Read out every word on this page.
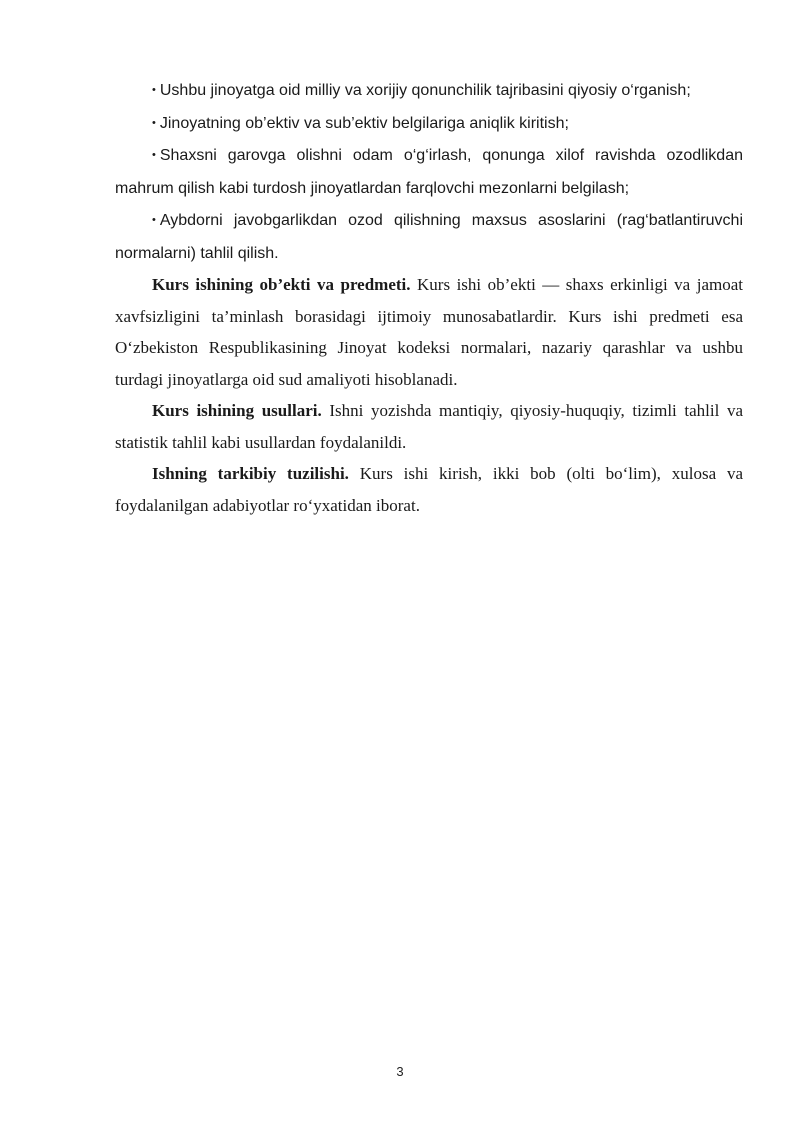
• Ushbu jinoyatga oid milliy va xorijiy qonunchilik tajribasini qiyosiy o‘rganish;

• Jinoyatning ob’ektiv va sub’ektiv belgilariga aniqlik kiritish;

• Shaxsni garovga olishni odam o‘g‘irlash, qonunga xilof ravishda ozodlikdan mahrum qilish kabi turdosh jinoyatlardan farqlovchi mezonlarni belgilash;

• Aybdorni javobgarlikdan ozod qilishning maxsus asoslarini (rag‘batlantiruvchi normalarni) tahlil qilish.

Kurs ishining ob’ekti va predmeti. Kurs ishi ob’ekti — shaxs erkinligi va jamoat xavfsizligini ta’minlash borasidagi ijtimoiy munosabatlardir. Kurs ishi predmeti esa O‘zbekiston Respublikasining Jinoyat kodeksi normalari, nazariy qarashlar va ushbu turdagi jinoyatlarga oid sud amaliyoti hisoblanadi.

Kurs ishining usullari. Ishni yozishda mantiqiy, qiyosiy-huquqiy, tizimli tahlil va statistik tahlil kabi usullardan foydalanildi.

Ishning tarkibiy tuzilishi. Kurs ishi kirish, ikki bob (olti bo‘lim), xulosa va foydalanilgan adabiyotlar ro‘yxatidan iborat.

3
